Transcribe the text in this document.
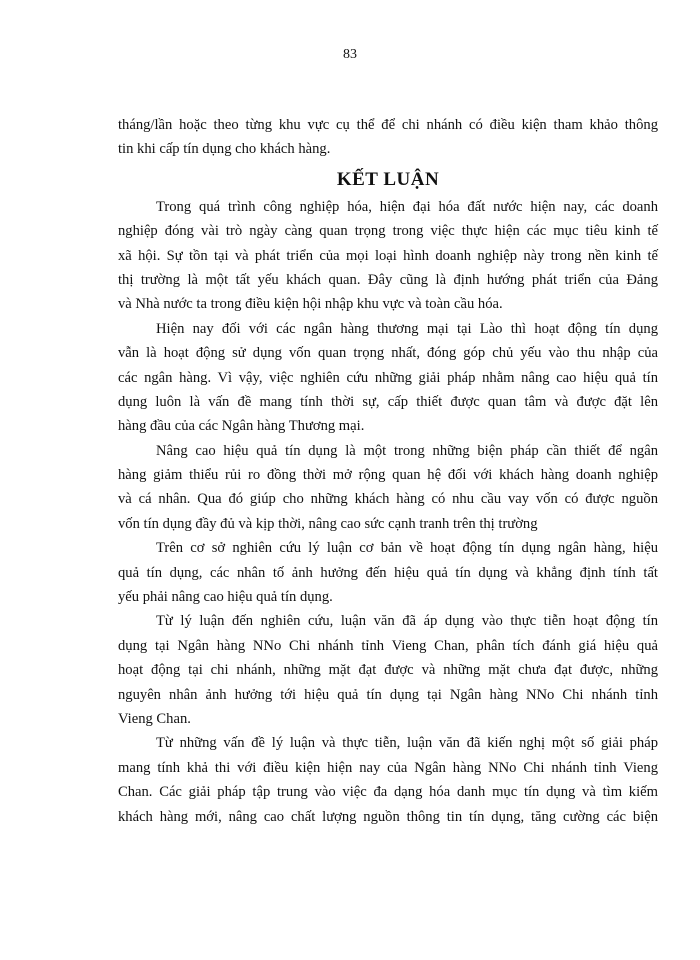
83
tháng/lần hoặc theo từng khu vực cụ thể để chi nhánh có điều kiện tham khảo thông
tin khi cấp tín dụng cho khách hàng.
KẾT LUẬN
Trong quá trình công nghiệp hóa, hiện đại hóa đất nước hiện nay, các doanh
nghiệp đóng vài trò ngày càng quan trọng trong việc thực hiện các mục tiêu kinh tế
xã hội. Sự tồn tại và phát triển của mọi loại hình doanh nghiệp này trong nền kinh tế
thị trường là một tất yếu khách quan. Đây cũng là định hướng phát triển của Đảng
và Nhà nước ta trong điều kiện hội nhập khu vực và toàn cầu hóa.
Hiện nay đối với các ngân hàng thương mại tại Lào thì hoạt động tín dụng
vẫn là hoạt động sử dụng vốn quan trọng nhất, đóng góp chủ yếu vào thu nhập của
các ngân hàng. Vì vậy, việc nghiên cứu những giải pháp nhằm nâng cao hiệu quả tín
dụng luôn là vấn đề mang tính thời sự, cấp thiết được quan tâm và được đặt lên
hàng đầu của các Ngân hàng Thương mại.
Nâng cao hiệu quả tín dụng là một trong những biện pháp cần thiết để ngân
hàng giảm thiểu rủi ro đồng thời mở rộng quan hệ đối với khách hàng doanh nghiệp
và cá nhân. Qua đó giúp cho những khách hàng có nhu cầu vay vốn có được nguồn
vốn tín dụng đầy đủ và kịp thời, nâng cao sức cạnh tranh trên thị trường
Trên cơ sở nghiên cứu lý luận cơ bản về hoạt động tín dụng ngân hàng, hiệu
quả tín dụng, các nhân tố ảnh hưởng đến hiệu quả tín dụng và khẳng định tính tất
yếu phải nâng cao hiệu quả tín dụng.
Từ lý luận đến nghiên cứu, luận văn đã áp dụng vào thực tiễn hoạt động tín
dụng tại Ngân hàng NNo Chi nhánh tỉnh Vieng Chan, phân tích đánh giá hiệu quả
hoạt động tại chi nhánh, những mặt đạt được và những mặt chưa đạt được, những
nguyên nhân ảnh hưởng tới hiệu quả tín dụng tại Ngân hàng NNo Chi nhánh tỉnh
Vieng Chan.
Từ những vấn đề lý luận và thực tiễn, luận văn đã kiến nghị một số giải pháp
mang tính khả thi với điều kiện hiện nay của Ngân hàng NNo Chi nhánh tỉnh Vieng
Chan. Các giải pháp tập trung vào việc đa dạng hóa danh mục tín dụng và tìm kiếm
khách hàng mới, nâng cao chất lượng nguồn thông tin tín dụng, tăng cường các biện
